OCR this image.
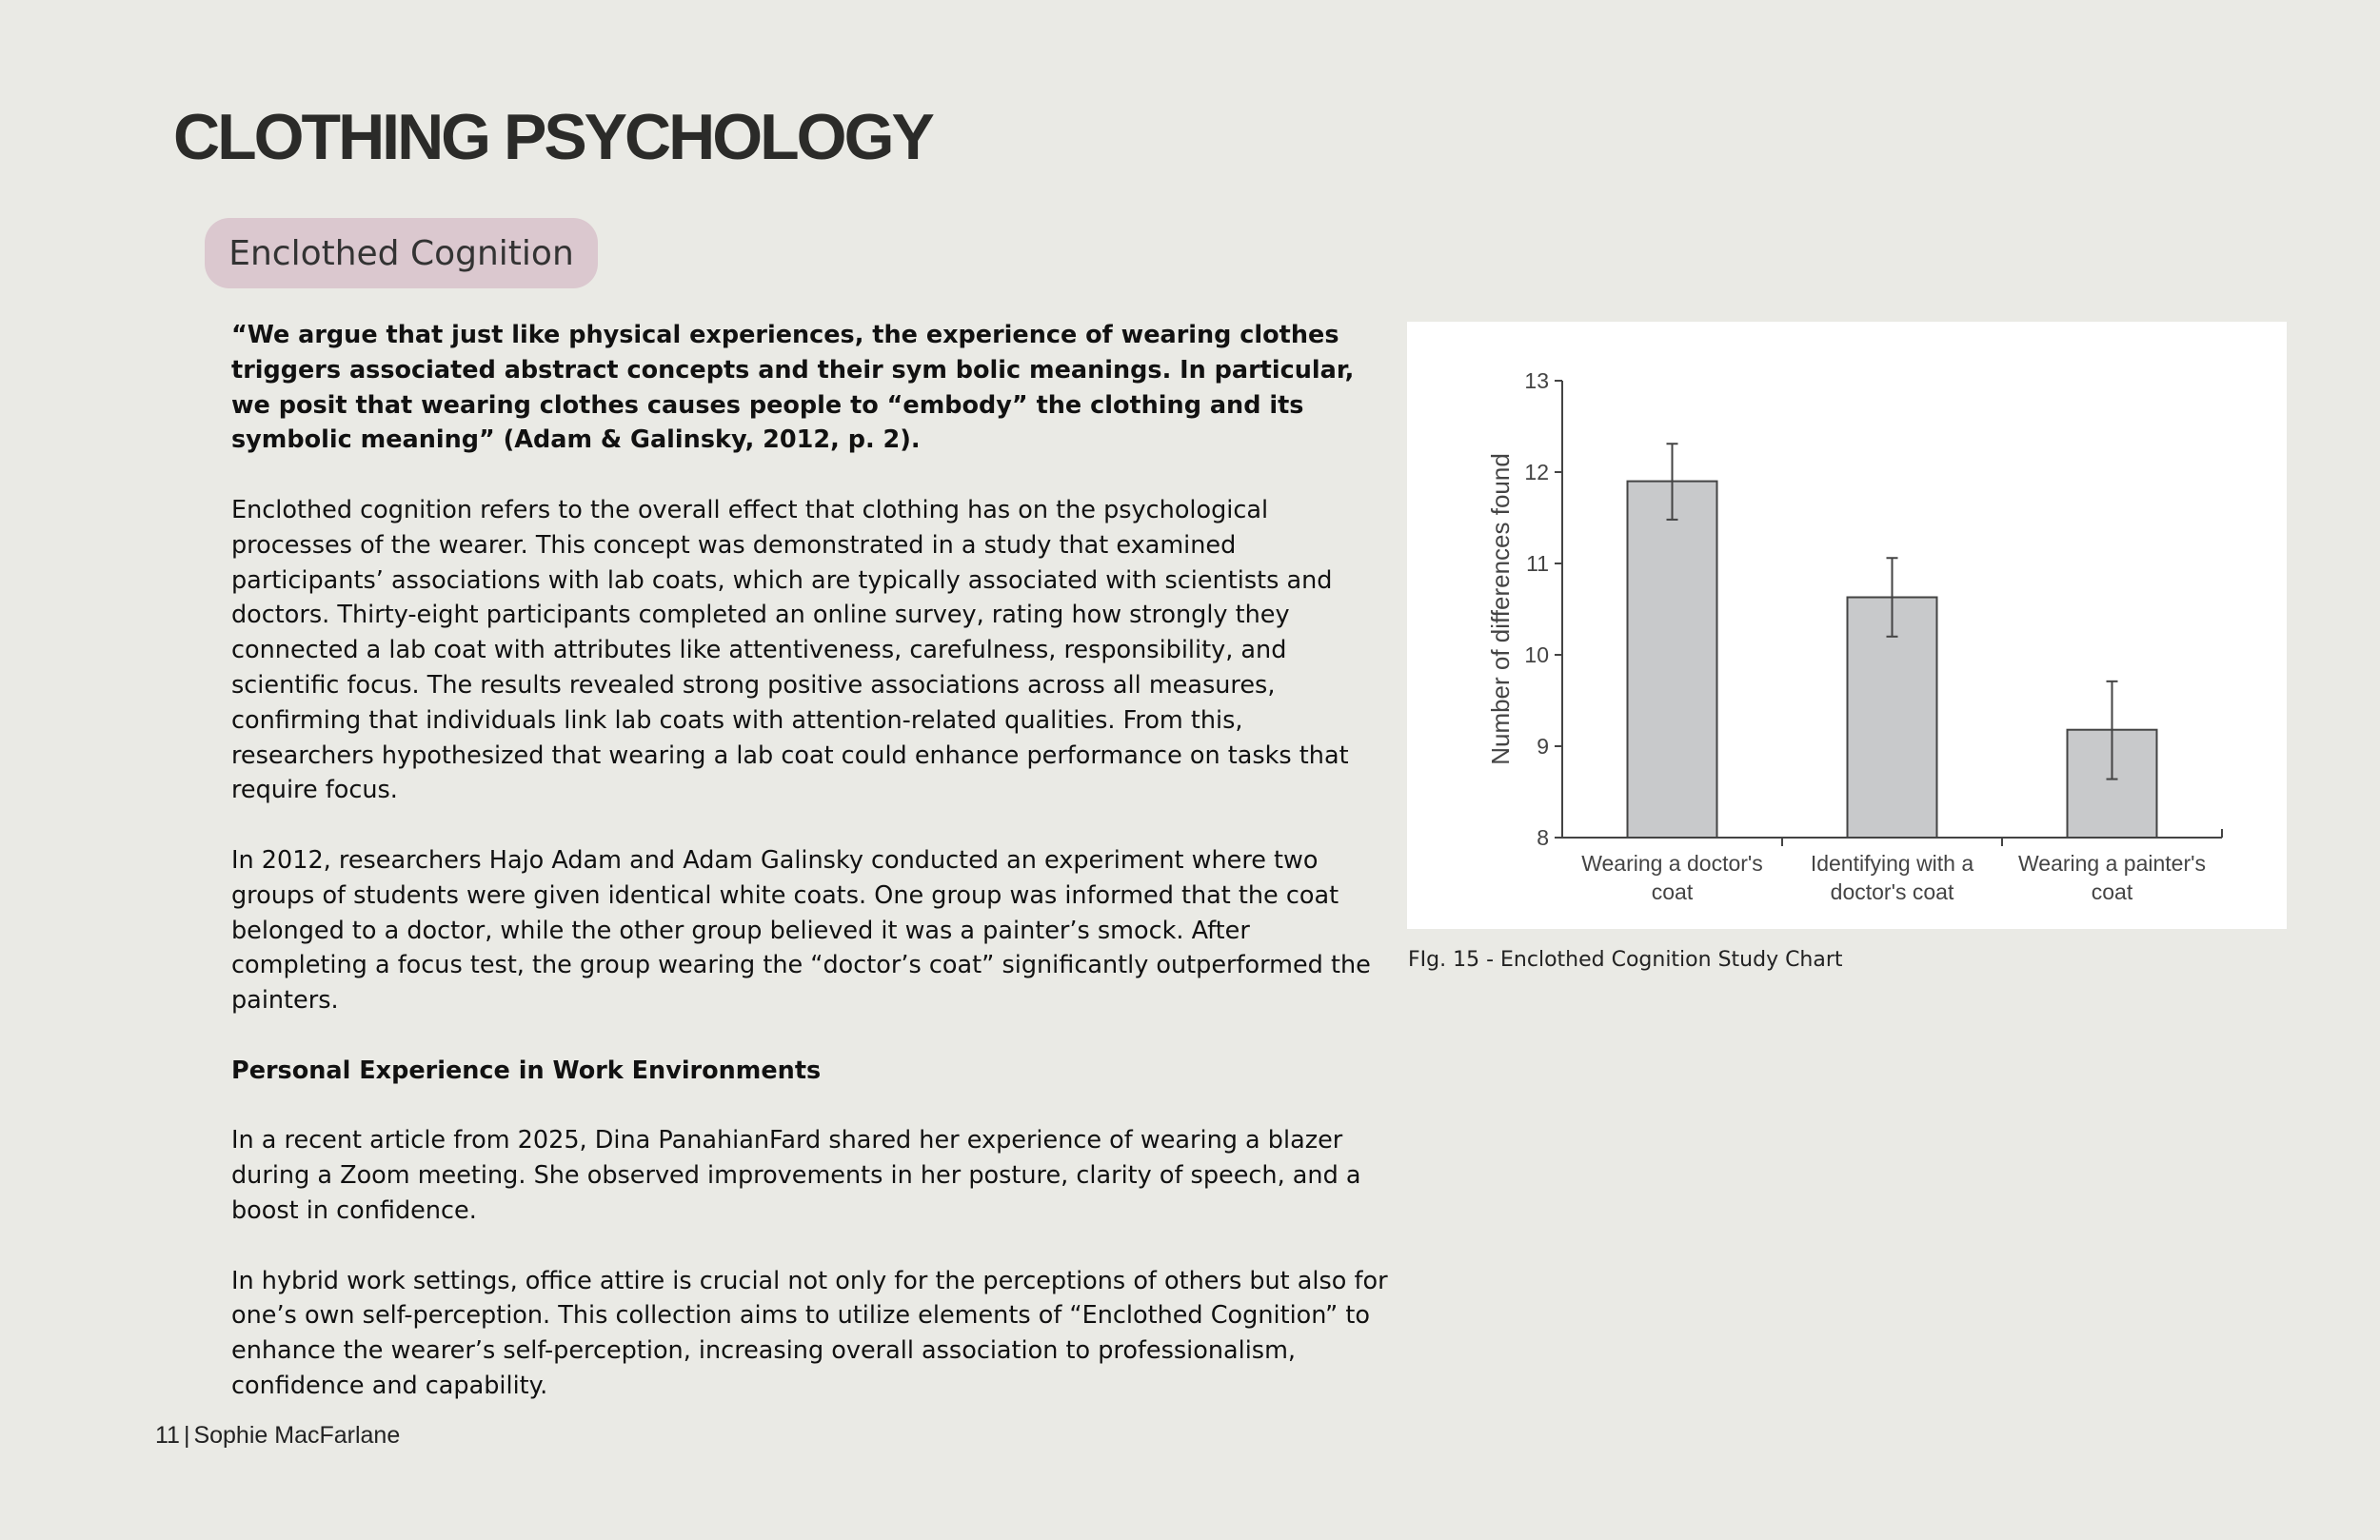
CLOTHING PSYCHOLOGY
Enclothed Cognition

“We argue that just like physical experiences, the experience of wearing clothes triggers associated abstract concepts and their sym bolic meanings. In particular, we posit that wearing clothes causes people to “embody” the clothing and its symbolic meaning” (Adam & Galinsky, 2012, p. 2).

Enclothed cognition refers to the overall effect that clothing has on the psychological processes of the wearer. This concept was demonstrated in a study that examined participants’ associations with lab coats, which are typically associated with scientists and doctors. Thirty-eight participants completed an online survey, rating how strongly they connected a lab coat with attributes like attentiveness, carefulness, responsibility, and scientific focus. The results revealed strong positive associations across all measures, confirming that individuals link lab coats with attention-related qualities. From this, researchers hypothesized that wearing a lab coat could enhance performance on tasks that require focus.

In 2012, researchers Hajo Adam and Adam Galinsky conducted an experiment where two groups of students were given identical white coats. One group was informed that the coat belonged to a doctor, while the other group believed it was a painter’s smock. After completing a focus test, the group wearing the “doctor’s coat” significantly outperformed the painters.

Personal Experience in Work Environments

In a recent article from 2025, Dina PanahianFard shared her experience of wearing a blazer during a Zoom meeting. She observed improvements in her posture, clarity of speech, and a boost in confidence.

In hybrid work settings, office attire is crucial not only for the perceptions of others but also for one’s own self-perception. This collection aims to utilize elements of “Enclothed Cognition” to enhance the wearer’s self-perception, increasing overall association to professionalism, confidence and capability.

8
9
10
11
12
13
Number of differences found
Wearing a doctor's
coat
Identifying with a
doctor's coat
Wearing a painter's
coat
FIg. 15 - Enclothed Cognition Study Chart
11 | Sophie MacFarlane
